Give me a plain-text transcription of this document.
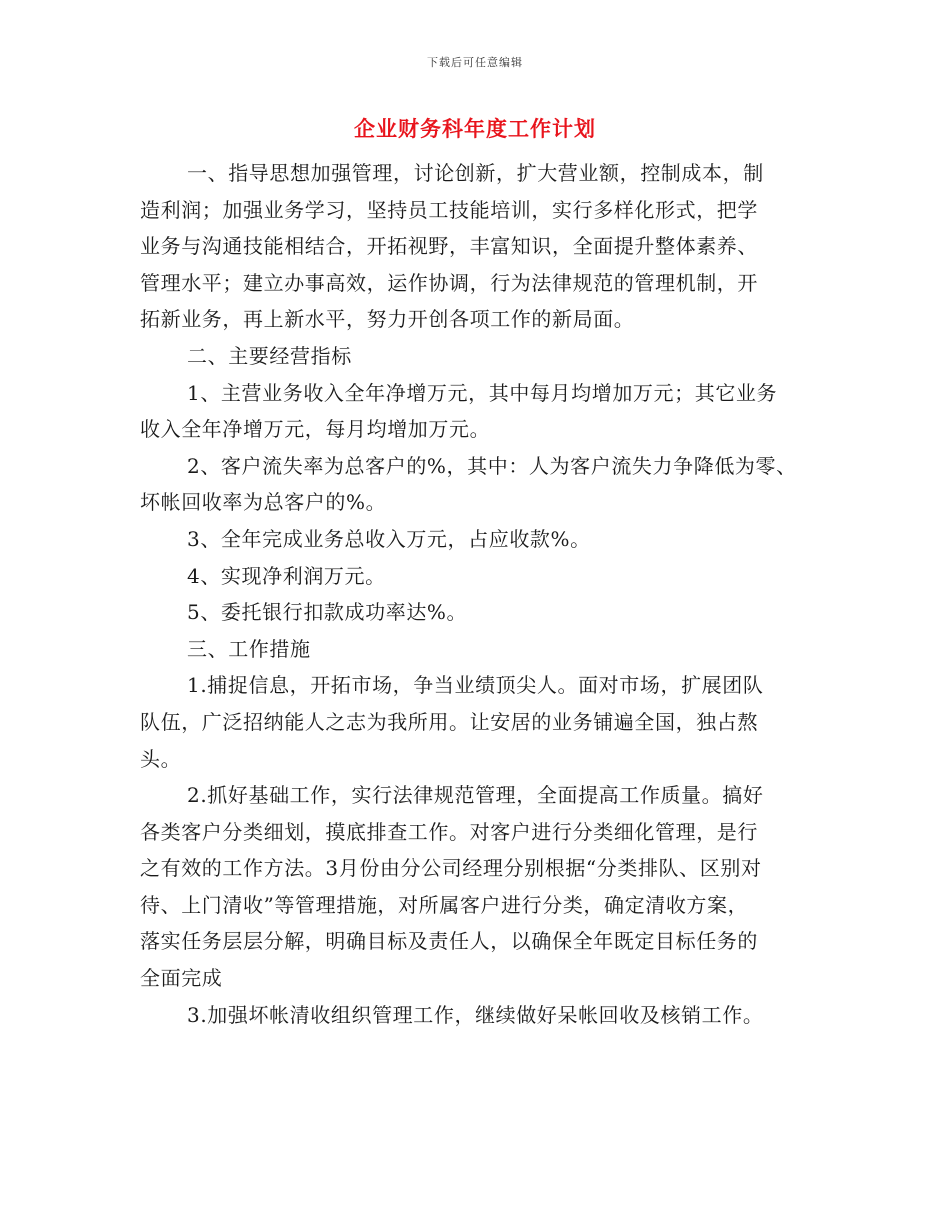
下载后可任意编辑
企业财务科年度工作计划
一、指导思想加强管理，讨论创新，扩大营业额，控制成本，制
造利润；加强业务学习，坚持员工技能培训，实行多样化形式，把学
业务与沟通技能相结合，开拓视野，丰富知识，全面提升整体素养、
管理水平；建立办事高效，运作协调，行为法律规范的管理机制，开
拓新业务，再上新水平，努力开创各项工作的新局面。
二、主要经营指标
1、主营业务收入全年净增万元，其中每月均增加万元；其它业务
收入全年净增万元，每月均增加万元。
2、客户流失率为总客户的%，其中：人为客户流失力争降低为零、
坏帐回收率为总客户的%。
3、全年完成业务总收入万元，占应收款%。
4、实现净利润万元。
5、委托银行扣款成功率达%。
三、工作措施
1.捕捉信息，开拓市场，争当业绩顶尖人。面对市场，扩展团队
队伍，广泛招纳能人之志为我所用。让安居的业务铺遍全国，独占熬
头。
2.抓好基础工作，实行法律规范管理，全面提高工作质量。搞好
各类客户分类细划，摸底排查工作。对客户进行分类细化管理，是行
之有效的工作方法。3月份由分公司经理分别根据“分类排队、区别对
待、上门清收”等管理措施，对所属客户进行分类，确定清收方案，
落实任务层层分解，明确目标及责任人，以确保全年既定目标任务的
全面完成
3.加强坏帐清收组织管理工作，继续做好呆帐回收及核销工作。
